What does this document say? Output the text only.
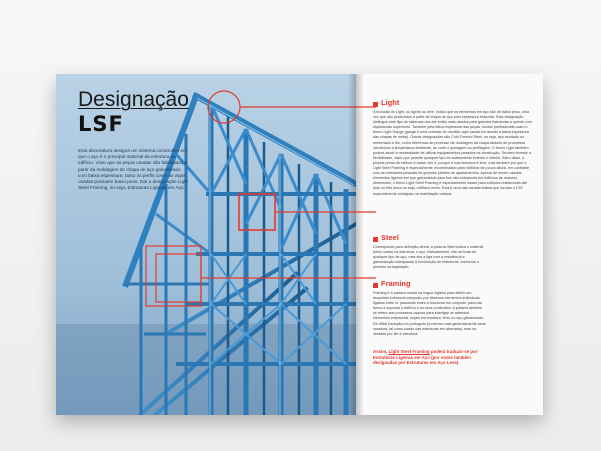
Designação
LSF

Esta abreviatura designa um sistema construtivo em que o aço é o principal material da estrutura do edifício. Visto que as peças usadas são fabricadas a partir da moldagem de chapa de aço galvanizado com baixa espessura, tanto os perfis como as vigas usadas possuem baixo peso. Daí a designação Light Steel Framing, ou seja, Estruturas Ligeiras em Aço.

Light

A inclusão de Light, ou ligeiro ou leve, indica que os elementos em aço são de baixo peso, uma vez que são produzidos a partir de chapa de aço com espessura reduzida. Esta designação distingue este tipo de sistemas dos até então mais usados para grandes estruturas à quente com espessuras superiores. Também pela baixa espessura das peças, muitos profissionais usam o termo Light Gauge (gauge é uma unidade de medida, aqui usada em alusão à baixa espessura das chapas de metal). Outras designações são Cold Formed Steel, ou seja, aço moldado ou enformado a frio, como referência ao processo de moldagem da chapa através de processos mecânicos a temperatura ambiente, ao corte e quinagem ou perfilagem. O termo Light também poderá aludir à necessidade de utilizar equipamentos pesados na construção. Tendem revestir a flexibilidade, dado que permite qualquer tipo de acabamento exterior e interior. Além disso, a própria presa do edifício é baixa, isto é, porque a sua estrutura é leve, mas também por que o Light Steel Framing é especialmente recomendado para edifícios de pouca altura, em contraste com as estruturas pesadas de grandes prédios de apartamentos. Apesar de serem usados elementos ligeiros em aço galvanizado para fins não estruturais em edifícios de maiores dimensões, o termo Light Steel Framing é especialmente usado para edifícios residenciais até dois ou três pisos ou seja, edifícios leves. Esta é uma das características que tornam o LSF especialmente vantajoso na reabilitação urbana.

Steel

Corresponde para definição direta, à palavra Steel indica o material primo usado na estrutura, o aço. Naturalmente, não se trata de qualquer tipo de aço, mas sim a liga com a resistência e galvanização adequadas à construção de estruturas, conforme o previsto na legislação.

Framing

Framing é a palavra usada na língua inglesa para definir um esqueleto estrutural composto por diversos elementos individuais ligados entre si, passando estes a funcionar em conjunto, para dar forma e suportar o edifício e os seus conteúdos. A palavra também se refere aos processos usados para interligar os referidos elementos estruturais, sejam em madeira, ferro ou aço galvanizado. De difícil tradução em português (a menos mais genericamente seria ossatura, tal como usado nas estruturas em alvenaria), mas na verdade por fim é estrutura.

Assim, Light Steel Framing poderá traduzir-se por Estruturas Ligeiras em Aço (por vezes também designadas por Estruturas em Aço Leve).
